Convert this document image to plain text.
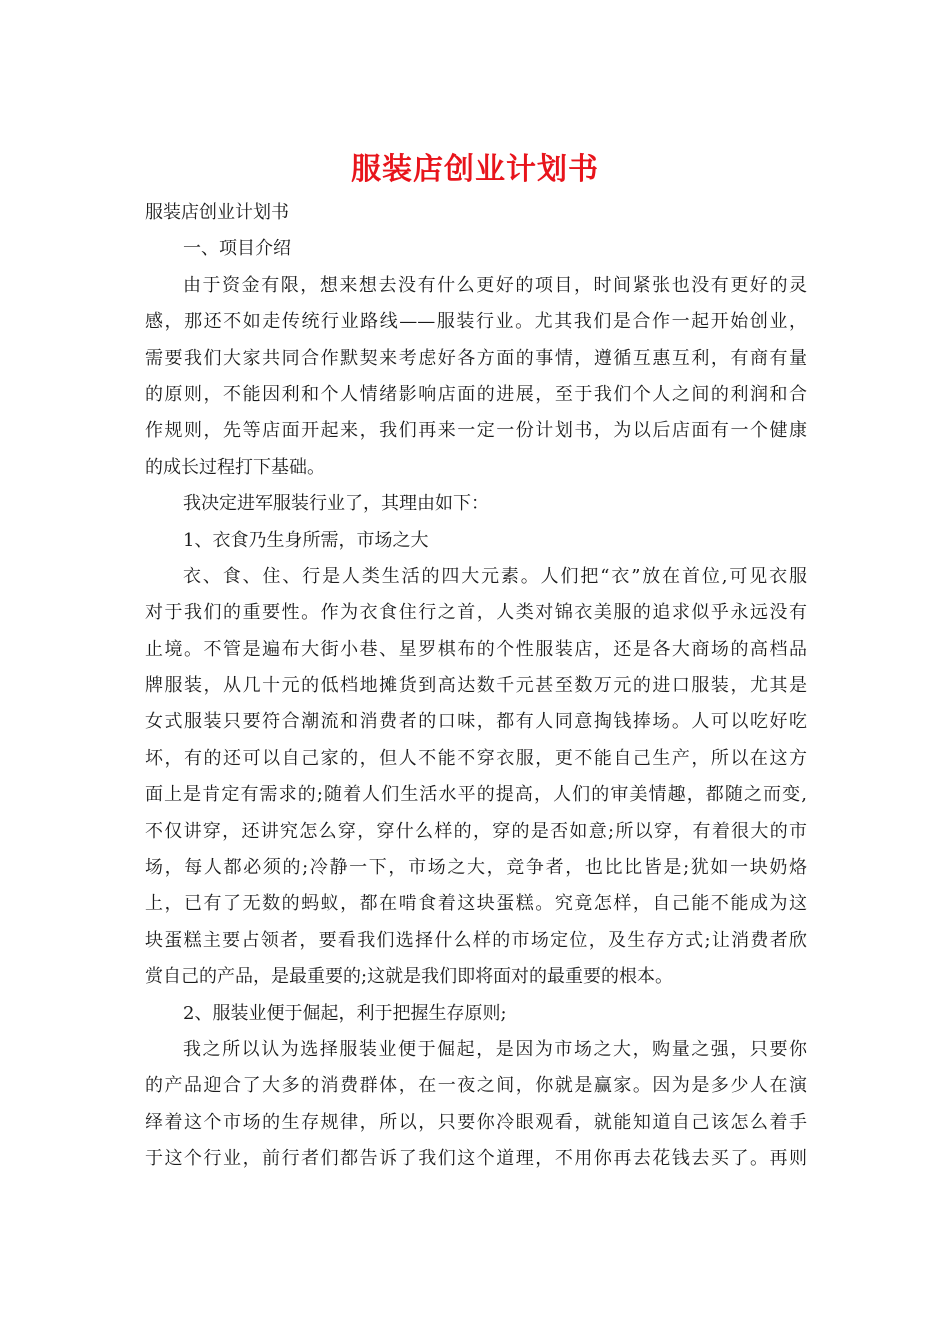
服装店创业计划书
服装店创业计划书
一、项目介绍
由于资金有限，想来想去没有什么更好的项目，时间紧张也没有更好的灵
感，那还不如走传统行业路线——服装行业。尤其我们是合作一起开始创业，
需要我们大家共同合作默契来考虑好各方面的事情，遵循互惠互利，有商有量
的原则，不能因利和个人情绪影响店面的进展，至于我们个人之间的利润和合
作规则，先等店面开起来，我们再来一定一份计划书，为以后店面有一个健康
的成长过程打下基础。
我决定进军服装行业了，其理由如下：
1、衣食乃生身所需，市场之大
衣、食、住、行是人类生活的四大元素。人们把“衣”放在首位,可见衣服
对于我们的重要性。作为衣食住行之首，人类对锦衣美服的追求似乎永远没有
止境。不管是遍布大街小巷、星罗棋布的个性服装店，还是各大商场的高档品
牌服装，从几十元的低档地摊货到高达数千元甚至数万元的进口服装，尤其是
女式服装只要符合潮流和消费者的口味，都有人同意掏钱捧场。人可以吃好吃
坏，有的还可以自己家的，但人不能不穿衣服，更不能自己生产，所以在这方
面上是肯定有需求的;随着人们生活水平的提高，人们的审美情趣，都随之而变,
不仅讲穿，还讲究怎么穿，穿什么样的，穿的是否如意;所以穿，有着很大的市
场，每人都必须的;冷静一下，市场之大，竞争者，也比比皆是;犹如一块奶烙
上，已有了无数的蚂蚁，都在啃食着这块蛋糕。究竟怎样，自己能不能成为这
块蛋糕主要占领者，要看我们选择什么样的市场定位，及生存方式;让消费者欣
赏自己的产品，是最重要的;这就是我们即将面对的最重要的根本。
2、服装业便于倔起，利于把握生存原则;
我之所以认为选择服装业便于倔起，是因为市场之大，购量之强，只要你
的产品迎合了大多的消费群体，在一夜之间，你就是赢家。因为是多少人在演
绎着这个市场的生存规律，所以，只要你冷眼观看，就能知道自己该怎么着手
于这个行业，前行者们都告诉了我们这个道理，不用你再去花钱去买了。再则
